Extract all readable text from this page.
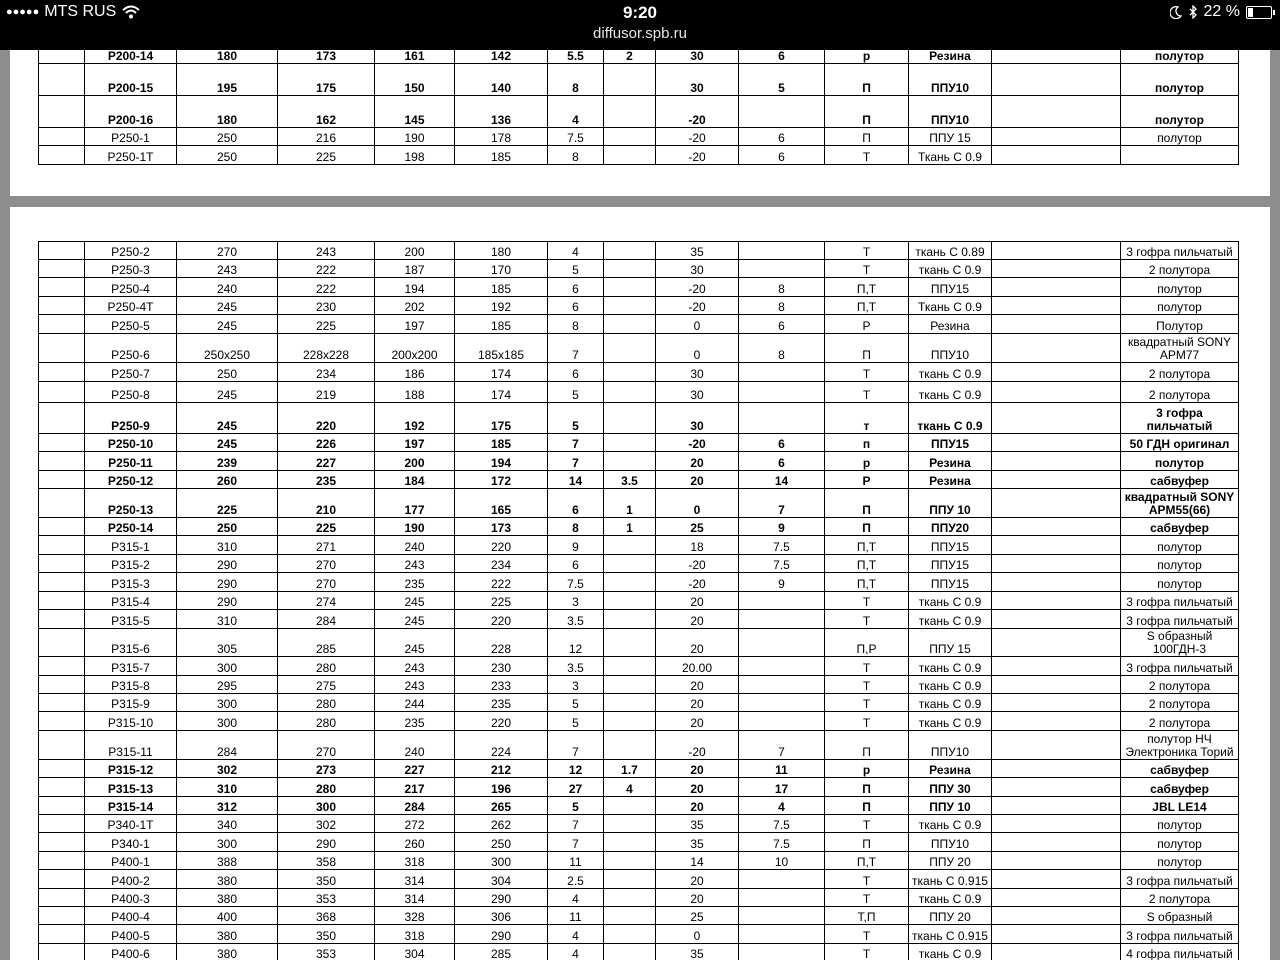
●●●●● MTS RUS	9:20
diffusor.spb.ru
22 %
	P200-14	180	173	161	142	5.5	2	30	6	р	Резина		полутор
	P200-15	195	175	150	140	8		30	5	П	ППУ10		полутор
	P200-16	180	162	145	136	4		-20		П	ППУ10		полутор
	P250-1	250	216	190	178	7.5		-20	6	П	ППУ 15		полутор
	P250-1T	250	225	198	185	8		-20	6	Т	Ткань С 0.9		
	P250-2	270	243	200	180	4		35		Т	ткань С 0.89		3 гофра пильчатый
	P250-3	243	222	187	170	5		30		Т	ткань С 0.9		2 полутора
	P250-4	240	222	194	185	6		-20	8	П,Т	ППУ15		полутор
	P250-4T	245	230	202	192	6		-20	8	П,Т	Ткань С 0.9		полутор
	P250-5	245	225	197	185	8		0	6	Р	Резина		Полутор
	P250-6	250x250	228x228	200x200	185x185	7		0	8	П	ППУ10		квадратный SONY APM77
	P250-7	250	234	186	174	6		30		Т	ткань С 0.9		2 полутора
	P250-8	245	219	188	174	5		30		Т	ткань С 0.9		2 полутора
	P250-9	245	220	192	175	5		30		т	ткань С 0.9		3 гофра пильчатый
	P250-10	245	226	197	185	7		-20	6	п	ППУ15		50 ГДН оригинал
	P250-11	239	227	200	194	7		20	6	р	Резина		полутор
	P250-12	260	235	184	172	14	3.5	20	14	Р	Резина		сабвуфер
	P250-13	225	210	177	165	6	1	0	7	П	ППУ 10		квадратный SONY APM55(66)
	P250-14	250	225	190	173	8	1	25	9	П	ППУ20		сабвуфер
	P315-1	310	271	240	220	9		18	7.5	П,Т	ППУ15		полутор
	P315-2	290	270	243	234	6		-20	7.5	П,Т	ППУ15		полутор
	P315-3	290	270	235	222	7.5		-20	9	П,Т	ППУ15		полутор
	P315-4	290	274	245	225	3		20		Т	ткань С 0.9		3 гофра пильчатый
	P315-5	310	284	245	220	3.5		20		Т	ткань С 0.9		3 гофра пильчатый
	P315-6	305	285	245	228	12		20		П,Р	ППУ 15		S образный 100ГДН-3
	P315-7	300	280	243	230	3.5		20.00		Т	ткань С 0.9		3 гофра пильчатый
	P315-8	295	275	243	233	3		20		Т	ткань С 0.9		2 полутора
	P315-9	300	280	244	235	5		20		Т	ткань С 0.9		2 полутора
	P315-10	300	280	235	220	5		20		Т	ткань С 0.9		2 полутора
	P315-11	284	270	240	224	7		-20	7	П	ППУ10		полутор НЧ Электроника Торий
	P315-12	302	273	227	212	12	1.7	20	11	р	Резина		сабвуфер
	P315-13	310	280	217	196	27	4	20	17	П	ППУ 30		сабвуфер
	P315-14	312	300	284	265	5		20	4	П	ППУ 10		JBL LE14
	P340-1T	340	302	272	262	7		35	7.5	Т	ткань С 0.9		полутор
	P340-1	300	290	260	250	7		35	7.5	П	ППУ10		полутор
	P400-1	388	358	318	300	11		14	10	П,Т	ППУ 20		полутор
	P400-2	380	350	314	304	2.5		20		Т	ткань С 0.915		3 гофра пильчатый
	P400-3	380	353	314	290	4		20		Т	ткань С 0.9		2 полутора
	P400-4	400	368	328	306	11		25		Т,П	ППУ 20		S образный
	P400-5	380	350	318	290	4		0		Т	ткань С 0.915		3 гофра пильчатый
	P400-6	380	353	304	285	4		35		Т	ткань С 0.9		4 гофра пильчатый
